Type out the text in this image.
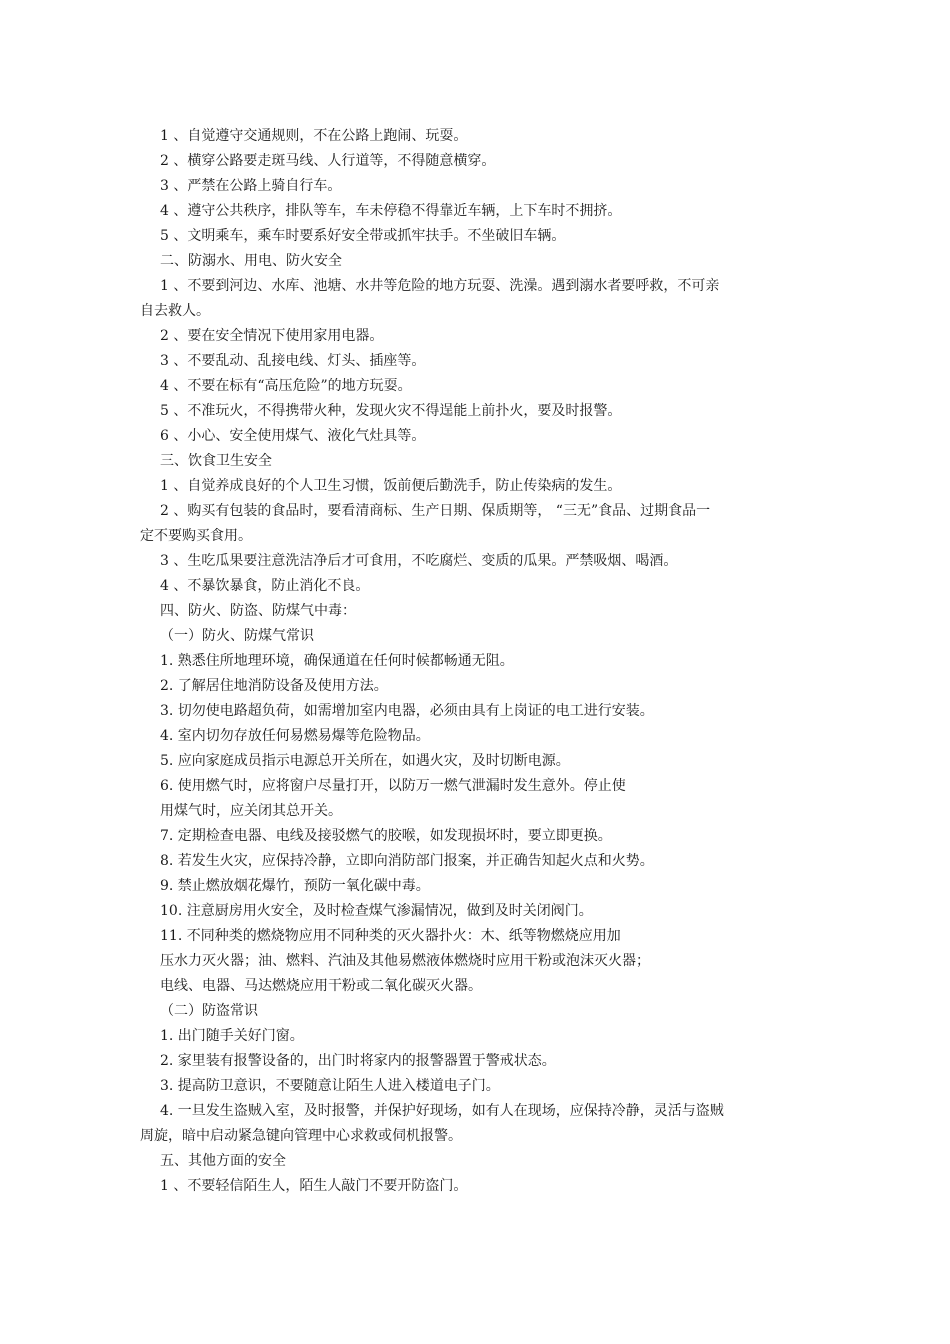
1 、自觉遵守交通规则，不在公路上跑闹、玩耍。
2 、横穿公路要走斑马线、人行道等，不得随意横穿。
3 、严禁在公路上骑自行车。
4 、遵守公共秩序，排队等车，车未停稳不得靠近车辆，上下车时不拥挤。
5 、文明乘车，乘车时要系好安全带或抓牢扶手。不坐破旧车辆。
二、防溺水、用电、防火安全
1 、不要到河边、水库、池塘、水井等危险的地方玩耍、洗澡。遇到溺水者要呼救，不可亲
自去救人。
2 、要在安全情况下使用家用电器。
3 、不要乱动、乱接电线、灯头、插座等。
4 、不要在标有“高压危险”的地方玩耍。
5 、不准玩火，不得携带火种，发现火灾不得逞能上前扑火，要及时报警。
6 、小心、安全使用煤气、液化气灶具等。
三、饮食卫生安全
1 、自觉养成良好的个人卫生习惯，饭前便后勤洗手，防止传染病的发生。
2 、购买有包装的食品时，要看清商标、生产日期、保质期等， “三无”食品、过期食品一
定不要购买食用。
3 、生吃瓜果要注意洗洁净后才可食用，不吃腐烂、变质的瓜果。严禁吸烟、喝酒。
4 、不暴饮暴食，防止消化不良。
四、防火、防盗、防煤气中毒：
（一）防火、防煤气常识
1. 熟悉住所地理环境，确保通道在任何时候都畅通无阻。
2. 了解居住地消防设备及使用方法。
3. 切勿使电路超负荷，如需增加室内电器，必须由具有上岗证的电工进行安装。
4. 室内切勿存放任何易燃易爆等危险物品。
5. 应向家庭成员指示电源总开关所在，如遇火灾，及时切断电源。
6. 使用燃气时，应将窗户尽量打开，以防万一燃气泄漏时发生意外。停止使
用煤气时，应关闭其总开关。
7. 定期检查电器、电线及接驳燃气的胶喉，如发现损坏时，要立即更换。
8. 若发生火灾，应保持冷静，立即向消防部门报案，并正确告知起火点和火势。
9. 禁止燃放烟花爆竹，预防一氧化碳中毒。
10. 注意厨房用火安全，及时检查煤气渗漏情况，做到及时关闭阀门。
11. 不同种类的燃烧物应用不同种类的灭火器扑火：木、纸等物燃烧应用加
压水力灭火器；油、燃料、汽油及其他易燃液体燃烧时应用干粉或泡沫灭火器；
电线、电器、马达燃烧应用干粉或二氧化碳灭火器。
（二）防盗常识
1. 出门随手关好门窗。
2. 家里装有报警设备的，出门时将家内的报警器置于警戒状态。
3. 提高防卫意识，不要随意让陌生人进入楼道电子门。
4. 一旦发生盗贼入室，及时报警，并保护好现场，如有人在现场，应保持冷静，灵活与盗贼
周旋，暗中启动紧急键向管理中心求救或伺机报警。
五、其他方面的安全
1 、不要轻信陌生人，陌生人敲门不要开防盗门。
